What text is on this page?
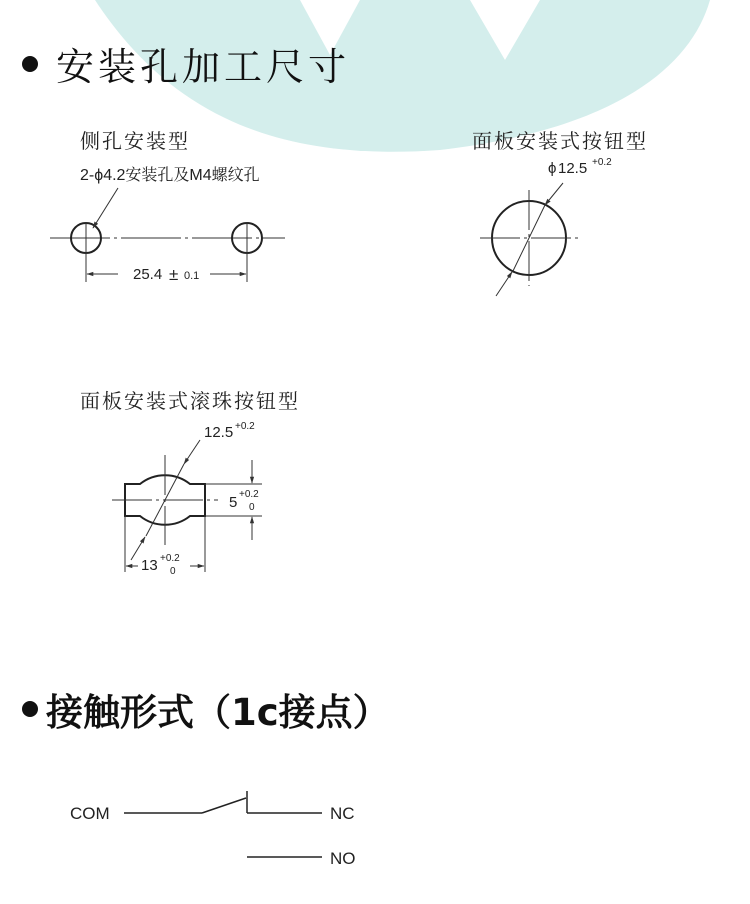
安装孔加工尺寸
侧孔安装型	面板安装式按钮型
面板安装式滚珠按钮型
2-ϕ4.2安装孔及M4螺纹孔
25.4 ± 0.1
ϕ 12.5 +0.2
12.5 +0.2
5 +0.2
0
13 +0.2
0
COM	NC
NO
接触形式（1c接点）
